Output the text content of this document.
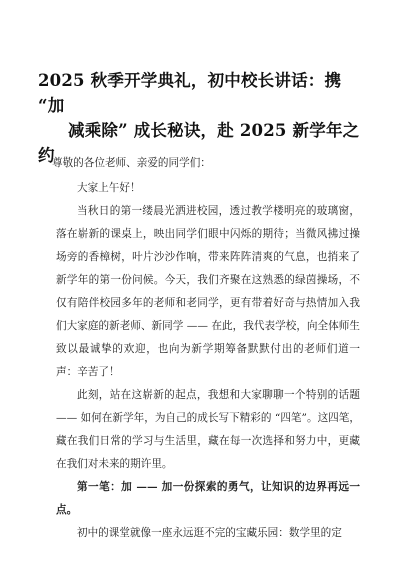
2025 秋季开学典礼，初中校长讲话：携 “加
减乘除” 成长秘诀，赴 2025 新学年之约

尊敬的各位老师、亲爱的同学们：

大家上午好！

当秋日的第一缕晨光洒进校园，透过教学楼明亮的玻璃窗，落在崭新的课桌上，映出同学们眼中闪烁的期待；当微风拂过操场旁的香樟树，叶片沙沙作响，带来阵阵清爽的气息，也捎来了新学年的第一份问候。今天，我们齐聚在这熟悉的绿茵操场，不仅有陪伴校园多年的老师和老同学，更有带着好奇与热情加入我们大家庭的新老师、新同学 —— 在此，我代表学校，向全体师生致以最诚挚的欢迎，也向为新学期筹备默默付出的老师们道一声：辛苦了！

此刻，站在这崭新的起点，我想和大家聊聊一个特别的话题 —— 如何在新学年，为自己的成长写下精彩的 “四笔”。这四笔，藏在我们日常的学习与生活里，藏在每一次选择和努力中，更藏在我们对未来的期许里。

第一笔：加 —— 加一份探索的勇气，让知识的边界再远一点。

初中的课堂就像一座永远逛不完的宝藏乐园：数学里的定
